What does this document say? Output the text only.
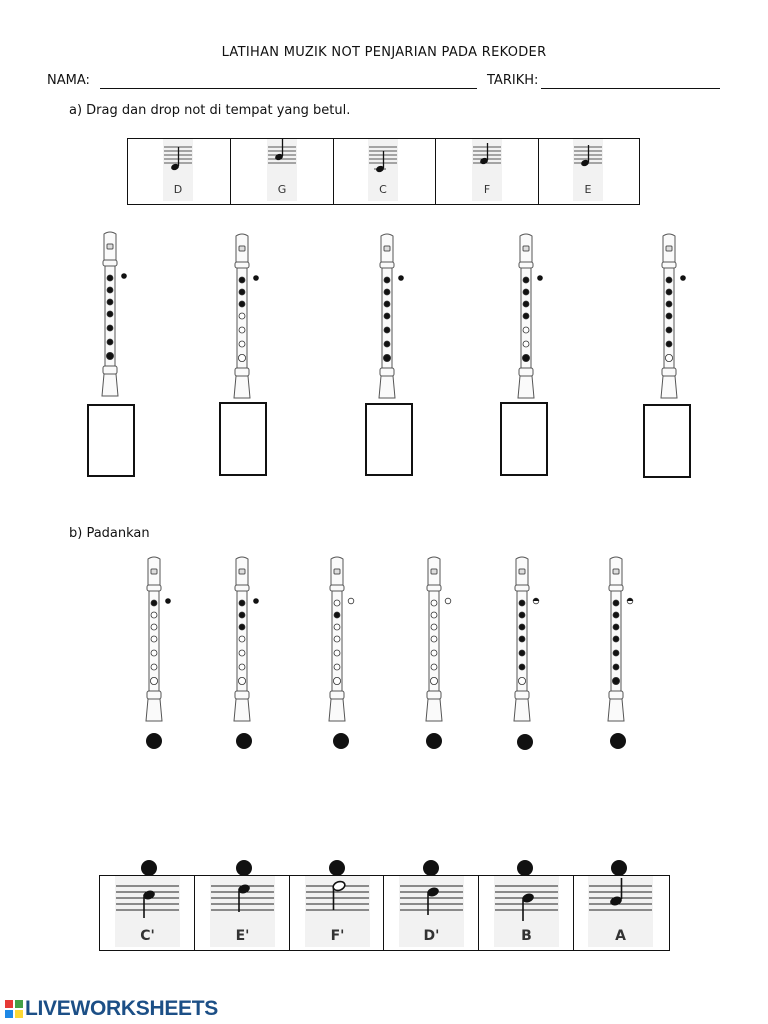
LATIHAN MUZIK NOT PENJARIAN PADA REKODER
NAMA:	TARIKH:
a) Drag dan drop not di tempat yang betul.
D	G	C	F	E
b) Padankan
C'	E'	F'	D'	B	A
LIVEWORKSHEETS
